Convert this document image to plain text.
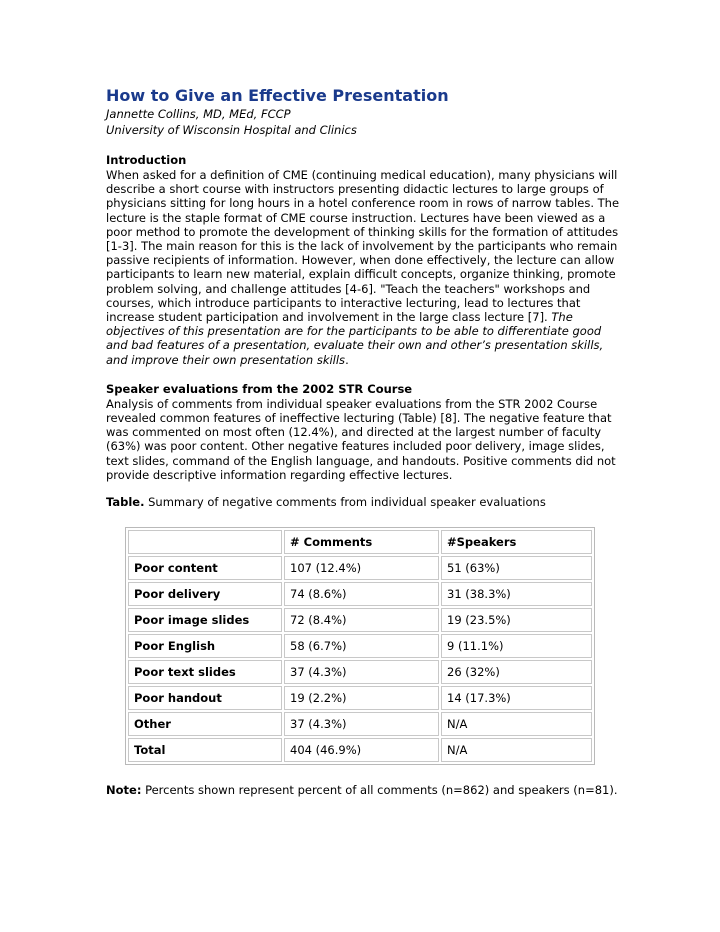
How to Give an Effective Presentation
Jannette Collins, MD, MEd, FCCP
University of Wisconsin Hospital and Clinics
Introduction
When asked for a definition of CME (continuing medical education), many physicians will describe a short course with instructors presenting didactic lectures to large groups of physicians sitting for long hours in a hotel conference room in rows of narrow tables. The lecture is the staple format of CME course instruction. Lectures have been viewed as a poor method to promote the development of thinking skills for the formation of attitudes [1-3]. The main reason for this is the lack of involvement by the participants who remain passive recipients of information. However, when done effectively, the lecture can allow participants to learn new material, explain difficult concepts, organize thinking, promote problem solving, and challenge attitudes [4-6]. "Teach the teachers" workshops and courses, which introduce participants to interactive lecturing, lead to lectures that increase student participation and involvement in the large class lecture [7]. The objectives of this presentation are for the participants to be able to differentiate good and bad features of a presentation, evaluate their own and other’s presentation skills, and improve their own presentation skills.
Speaker evaluations from the 2002 STR Course
Analysis of comments from individual speaker evaluations from the STR 2002 Course revealed common features of ineffective lecturing (Table) [8]. The negative feature that was commented on most often (12.4%), and directed at the largest number of faculty (63%) was poor content. Other negative features included poor delivery, image slides, text slides, command of the English language, and handouts. Positive comments did not provide descriptive information regarding effective lectures.
Table. Summary of negative comments from individual speaker evaluations
	# Comments	#Speakers
Poor content	107 (12.4%)	51 (63%)
Poor delivery	74 (8.6%)	31 (38.3%)
Poor image slides	72 (8.4%)	19 (23.5%)
Poor English	58 (6.7%)	9 (11.1%)
Poor text slides	37 (4.3%)	26 (32%)
Poor handout	19 (2.2%)	14 (17.3%)
Other	37 (4.3%)	N/A
Total	404 (46.9%)	N/A
Note: Percents shown represent percent of all comments (n=862) and speakers (n=81).
